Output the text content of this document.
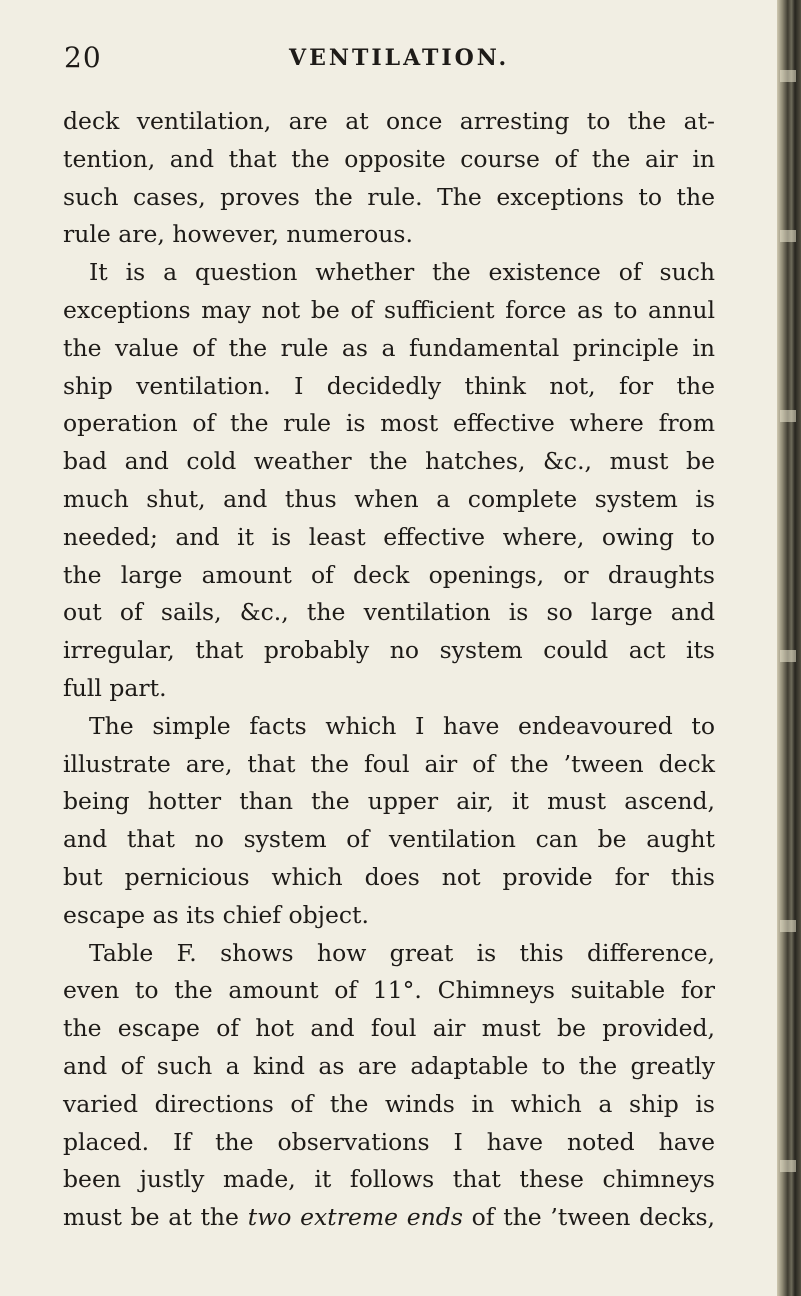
20	VENTILATION.
deck ventilation, are at once arresting to the at-
tention, and that the opposite course of the air in
such cases, proves the rule. The exceptions to the
rule are, however, numerous.
It is a question whether the existence of such
exceptions may not be of sufficient force as to annul
the value of the rule as a fundamental principle in
ship ventilation. I decidedly think not, for the
operation of the rule is most effective where from
bad and cold weather the hatches, &c., must be
much shut, and thus when a complete system is
needed; and it is least effective where, owing to
the large amount of deck openings, or draughts
out of sails, &c., the ventilation is so large and
irregular, that probably no system could act its
full part.
The simple facts which I have endeavoured to
illustrate are, that the foul air of the ’tween deck
being hotter than the upper air, it must ascend,
and that no system of ventilation can be aught
but pernicious which does not provide for this
escape as its chief object.
Table F. shows how great is this difference,
even to the amount of 11°. Chimneys suitable for
the escape of hot and foul air must be provided,
and of such a kind as are adaptable to the greatly
varied directions of the winds in which a ship is
placed. If the observations I have noted have
been justly made, it follows that these chimneys
must be at the two extreme ends of the ’tween decks,
